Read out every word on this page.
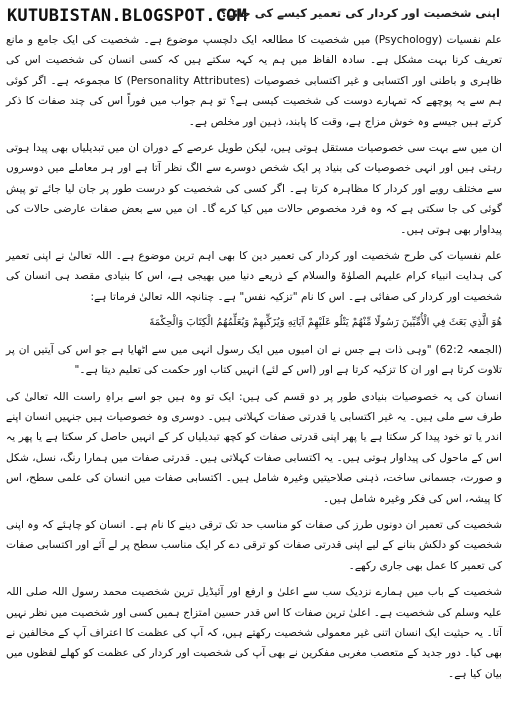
KUTUBISTAN.BLOGSPOT.COM
اپنی شخصیت اور کردار کی تعمیر کیسے کی جائے؟

علم نفسیات (Psychology) میں شخصیت کا مطالعہ ایک دلچسپ موضوع ہے۔ شخصیت کی ایک جامع و مانع تعریف کرنا بہت مشکل ہے۔ سادہ الفاظ میں ہم یہ کہہ سکتے ہیں کہ کسی انسان کی شخصیت اس کی ظاہری و باطنی اور اکتسابی و غیر اکتسابی خصوصیات (Personality Attributes) کا مجموعہ ہے۔ اگر کوئی ہم سے یہ پوچھے کہ تمہارے دوست کی شخصیت کیسی ہے؟ تو ہم جواب میں فوراً اس کی چند صفات کا ذکر کرتے ہیں جیسے وہ خوش مزاج ہے، وقت کا پابند، ذہین اور مخلص ہے۔

ان میں سے بہت سی خصوصیات مستقل ہوتی ہیں، لیکن طویل عرصے کے دوران ان میں تبدیلیاں بھی پیدا ہوتی رہتی ہیں اور انہی خصوصیات کی بنیاد پر ایک شخص دوسرے سے الگ نظر آتا ہے اور ہر معاملے میں دوسروں سے مختلف رویے اور کردار کا مظاہرہ کرتا ہے۔ اگر کسی کی شخصیت کو درست طور پر جان لیا جائے تو پیش گوئی کی جا سکتی ہے کہ وہ فرد مخصوص حالات میں کیا کرے گا۔ ان میں سے بعض صفات عارضی حالات کی پیداوار بھی ہوتی ہیں۔

علم نفسیات کی طرح شخصیت اور کردار کی تعمیر دین کا بھی اہم ترین موضوع ہے۔ اللہ تعالیٰ نے اپنی تعمیر کی ہدایت انبیاء کرام علیہم الصلوٰۃ والسلام کے ذریعے دنیا میں بھیجی ہے، اس کا بنیادی مقصد ہی انسان کی شخصیت اور کردار کی صفائی ہے۔ اس کا نام "تزکیہ نفس" ہے۔ چنانچہ اللہ تعالیٰ فرماتا ہے:

هُوَ الَّذِي بَعَثَ فِي الْأُمِّيِّينَ رَسُولًا مِّنْهُمْ يَتْلُو عَلَيْهِمْ آيَاتِهِ وَيُزَكِّيهِمْ وَيُعَلِّمُهُمُ الْكِتَابَ وَالْحِكْمَةَ

(الجمعہ 62:2) "وہی ذات ہے جس نے ان امیوں میں ایک رسول انہی میں سے اٹھایا ہے جو اس کی آیتیں ان پر تلاوت کرتا ہے اور ان کا تزکیہ کرتا ہے اور (اس کے لئے) انہیں کتاب اور حکمت کی تعلیم دیتا ہے۔"

انسان کی یہ خصوصیات بنیادی طور پر دو قسم کی ہیں: ایک تو وہ ہیں جو اسے براہِ راست اللہ تعالیٰ کی طرف سے ملی ہیں۔ یہ غیر اکتسابی یا قدرتی صفات کہلاتی ہیں۔ دوسری وہ خصوصیات ہیں جنہیں انسان اپنے اندر یا تو خود پیدا کر سکتا ہے یا پھر اپنی قدرتی صفات کو کچھ تبدیلیاں کر کے انہیں حاصل کر سکتا ہے یا پھر یہ اس کے ماحول کی پیداوار ہوتی ہیں۔ یہ اکتسابی صفات کہلاتی ہیں۔ قدرتی صفات میں ہمارا رنگ، نسل، شکل و صورت، جسمانی ساخت، ذہنی صلاحیتیں وغیرہ شامل ہیں۔ اکتسابی صفات میں انسان کی علمی سطح، اس کا پیشہ، اس کی فکر وغیرہ شامل ہیں۔

شخصیت کی تعمیر ان دونوں طرز کی صفات کو مناسب حد تک ترقی دینے کا نام ہے۔ انسان کو چاہئے کہ وہ اپنی شخصیت کو دلکش بنانے کے لیے اپنی قدرتی صفات کو ترقی دے کر ایک مناسب سطح پر لے آئے اور اکتسابی صفات کی تعمیر کا عمل بھی جاری رکھے۔

شخصیت کے باب میں ہمارے نزدیک سب سے اعلیٰ و ارفع اور آئیڈیل ترین شخصیت محمد رسول اللہ صلی اللہ علیہ وسلم کی شخصیت ہے۔ اعلیٰ ترین صفات کا اس قدر حسین امتزاج ہمیں کسی اور شخصیت میں نظر نہیں آتا۔ یہ حیثیت ایک انسان اتنی غیر معمولی شخصیت رکھتے ہیں، کہ آپ کی عظمت کا اعتراف آپ کے مخالفین نے بھی کیا۔ دور جدید کے متعصب مغربی مفکرین نے بھی آپ کی شخصیت اور کردار کی عظمت کو کھلے لفظوں میں بیان کیا ہے۔
